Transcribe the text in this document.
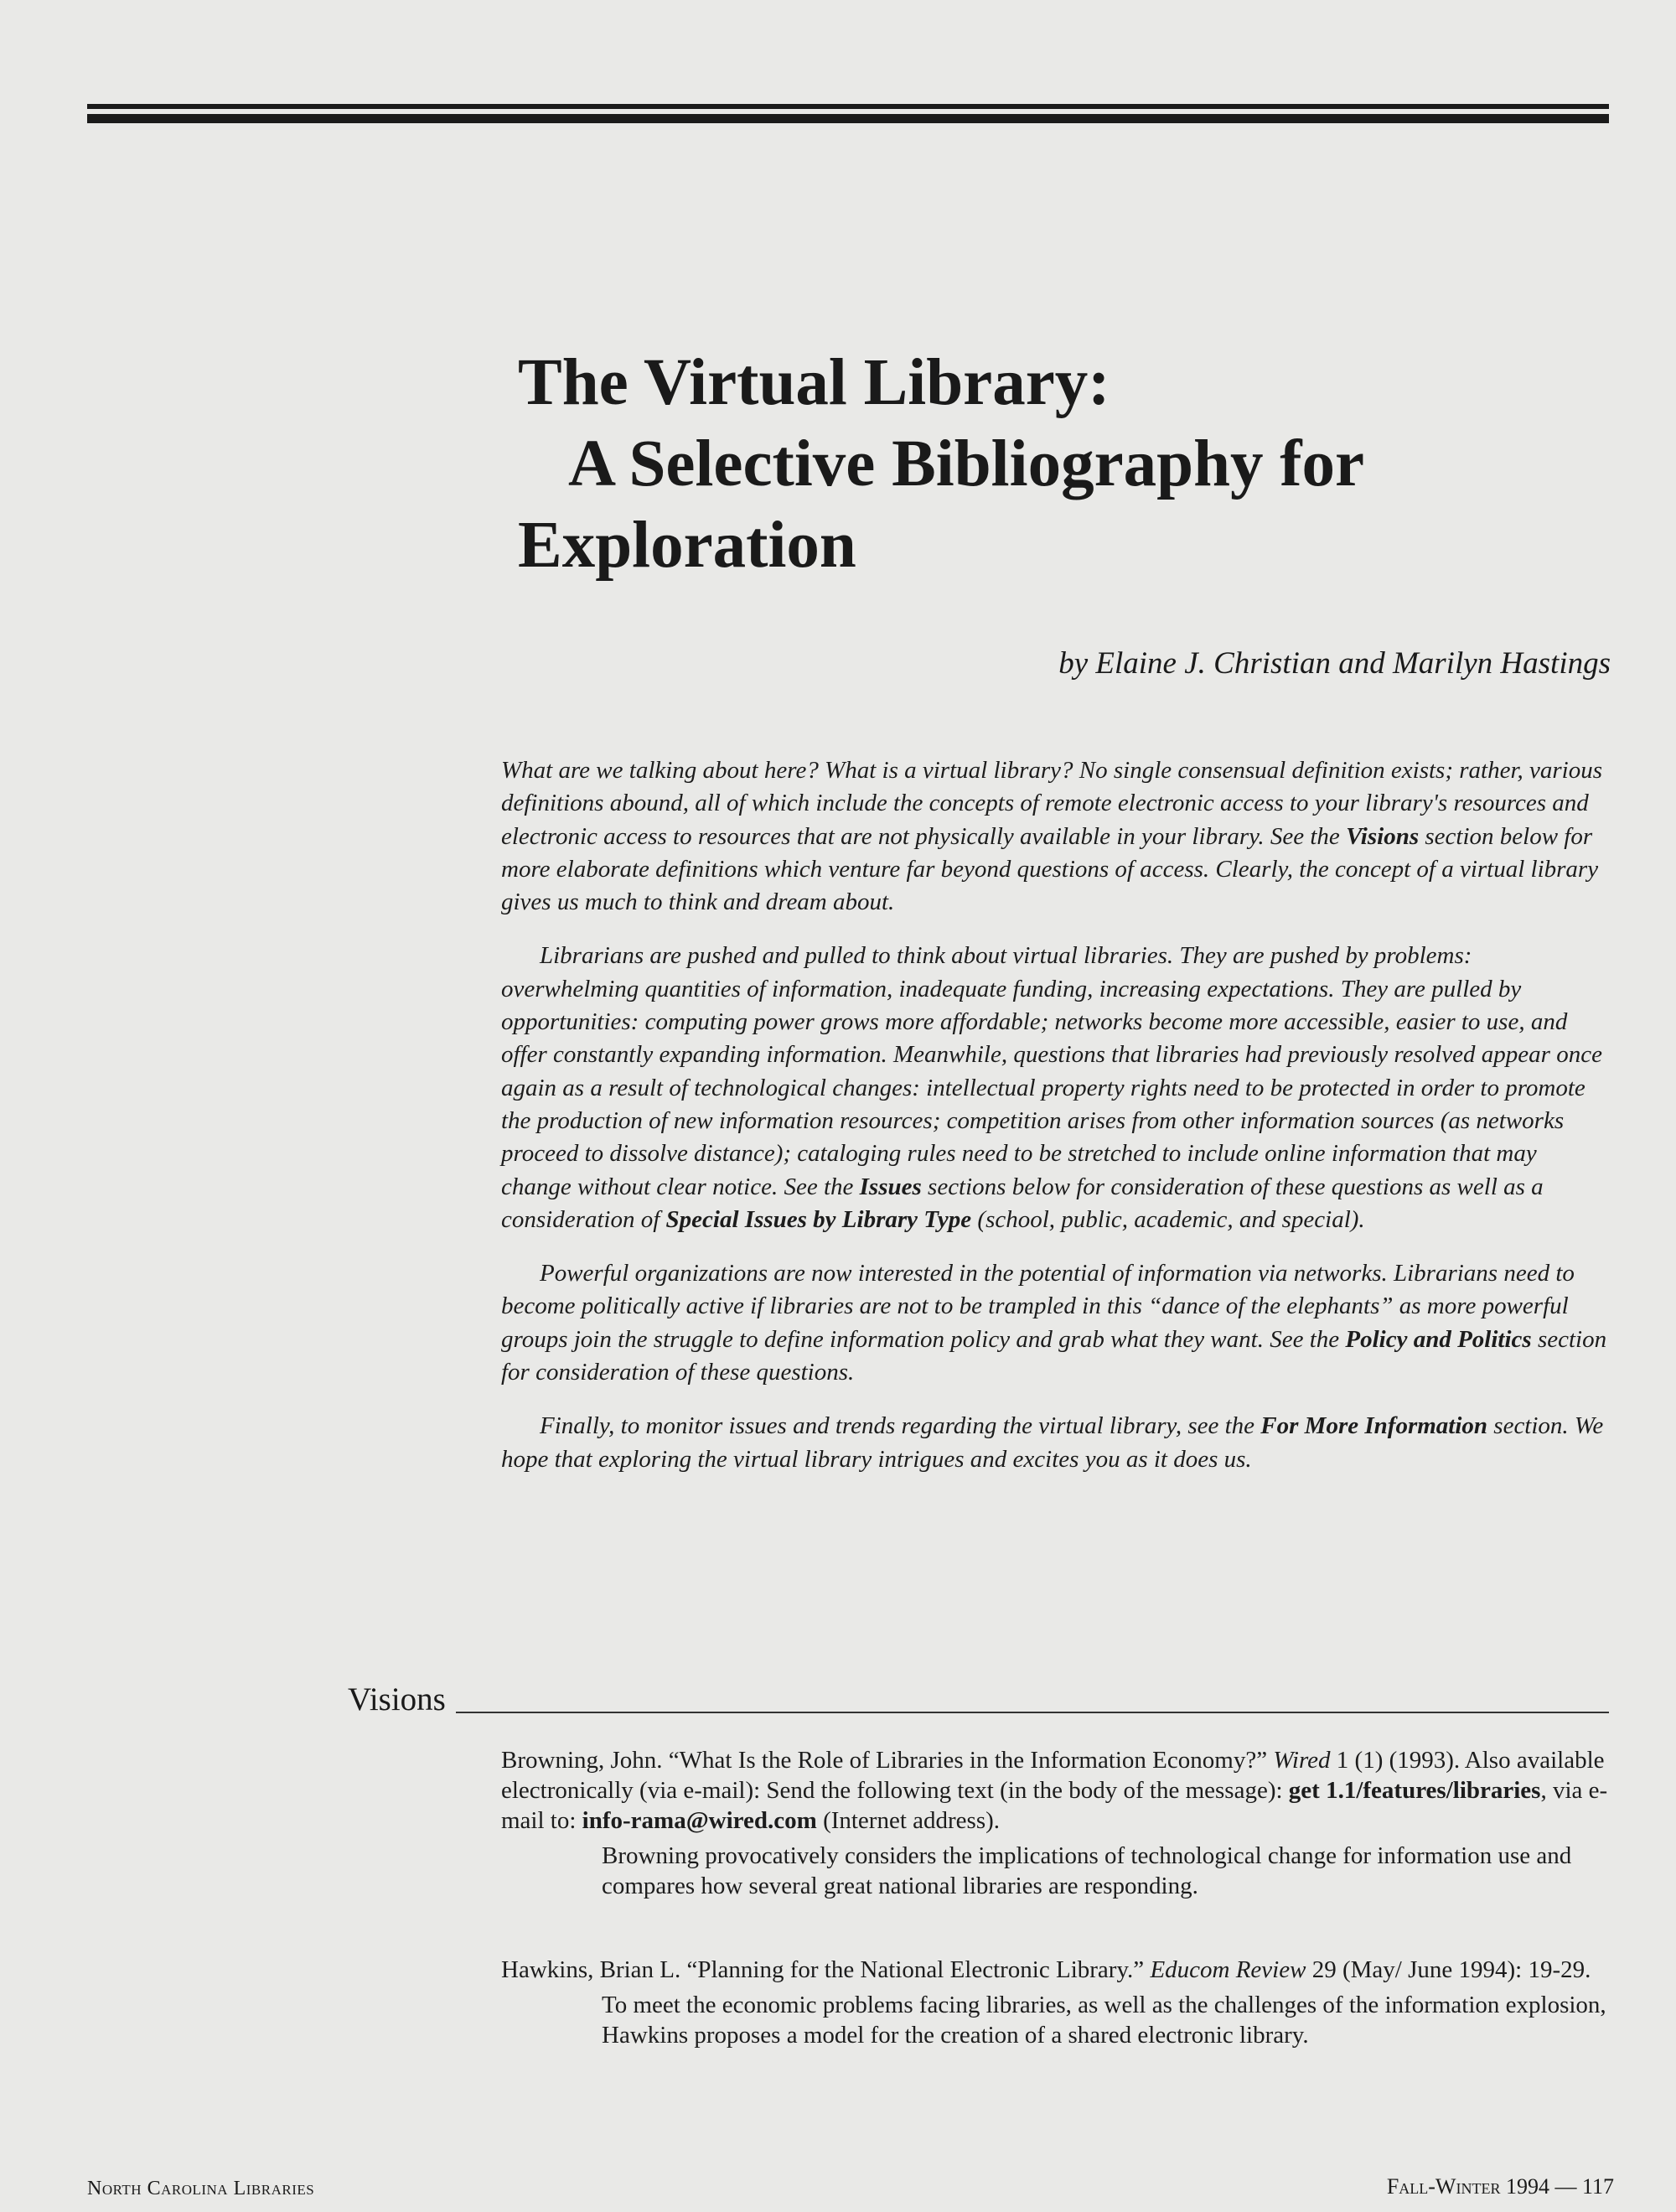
The Virtual Library:
A Selective Bibliography for
Exploration
by Elaine J. Christian and Marilyn Hastings

What are we talking about here? What is a virtual library? No single consensual definition exists; rather, various definitions abound, all of which include the concepts of remote electronic access to your library's resources and electronic access to resources that are not physically available in your library. See the Visions section below for more elaborate definitions which venture far beyond questions of access. Clearly, the concept of a virtual library gives us much to think and dream about.

Librarians are pushed and pulled to think about virtual libraries. They are pushed by problems: overwhelming quantities of information, inadequate funding, increasing expectations. They are pulled by opportunities: computing power grows more affordable; networks become more accessible, easier to use, and offer constantly expanding information. Meanwhile, questions that libraries had previously resolved appear once again as a result of technological changes: intellectual property rights need to be protected in order to promote the production of new information resources; competition arises from other information sources (as networks proceed to dissolve distance); cataloging rules need to be stretched to include online information that may change without clear notice. See the Issues sections below for consideration of these questions as well as a consideration of Special Issues by Library Type (school, public, academic, and special).

Powerful organizations are now interested in the potential of information via networks. Librarians need to become politically active if libraries are not to be trampled in this “dance of the elephants” as more powerful groups join the struggle to define information policy and grab what they want. See the Policy and Politics section for consideration of these questions.

Finally, to monitor issues and trends regarding the virtual library, see the For More Information section. We hope that exploring the virtual library intrigues and excites you as it does us.

Visions

Browning, John. “What Is the Role of Libraries in the Information Economy?” Wired 1 (1) (1993). Also available electronically (via e-mail): Send the following text (in the body of the message): get 1.1/features/libraries, via e-mail to: info-rama@wired.com (Internet address).

Browning provocatively considers the implications of technological change for information use and compares how several great national libraries are responding.

Hawkins, Brian L. “Planning for the National Electronic Library.” Educom Review 29 (May/ June 1994): 19-29.

To meet the economic problems facing libraries, as well as the challenges of the information explosion, Hawkins proposes a model for the creation of a shared electronic library.

North Carolina Libraries	Fall-Winter 1994 — 117
